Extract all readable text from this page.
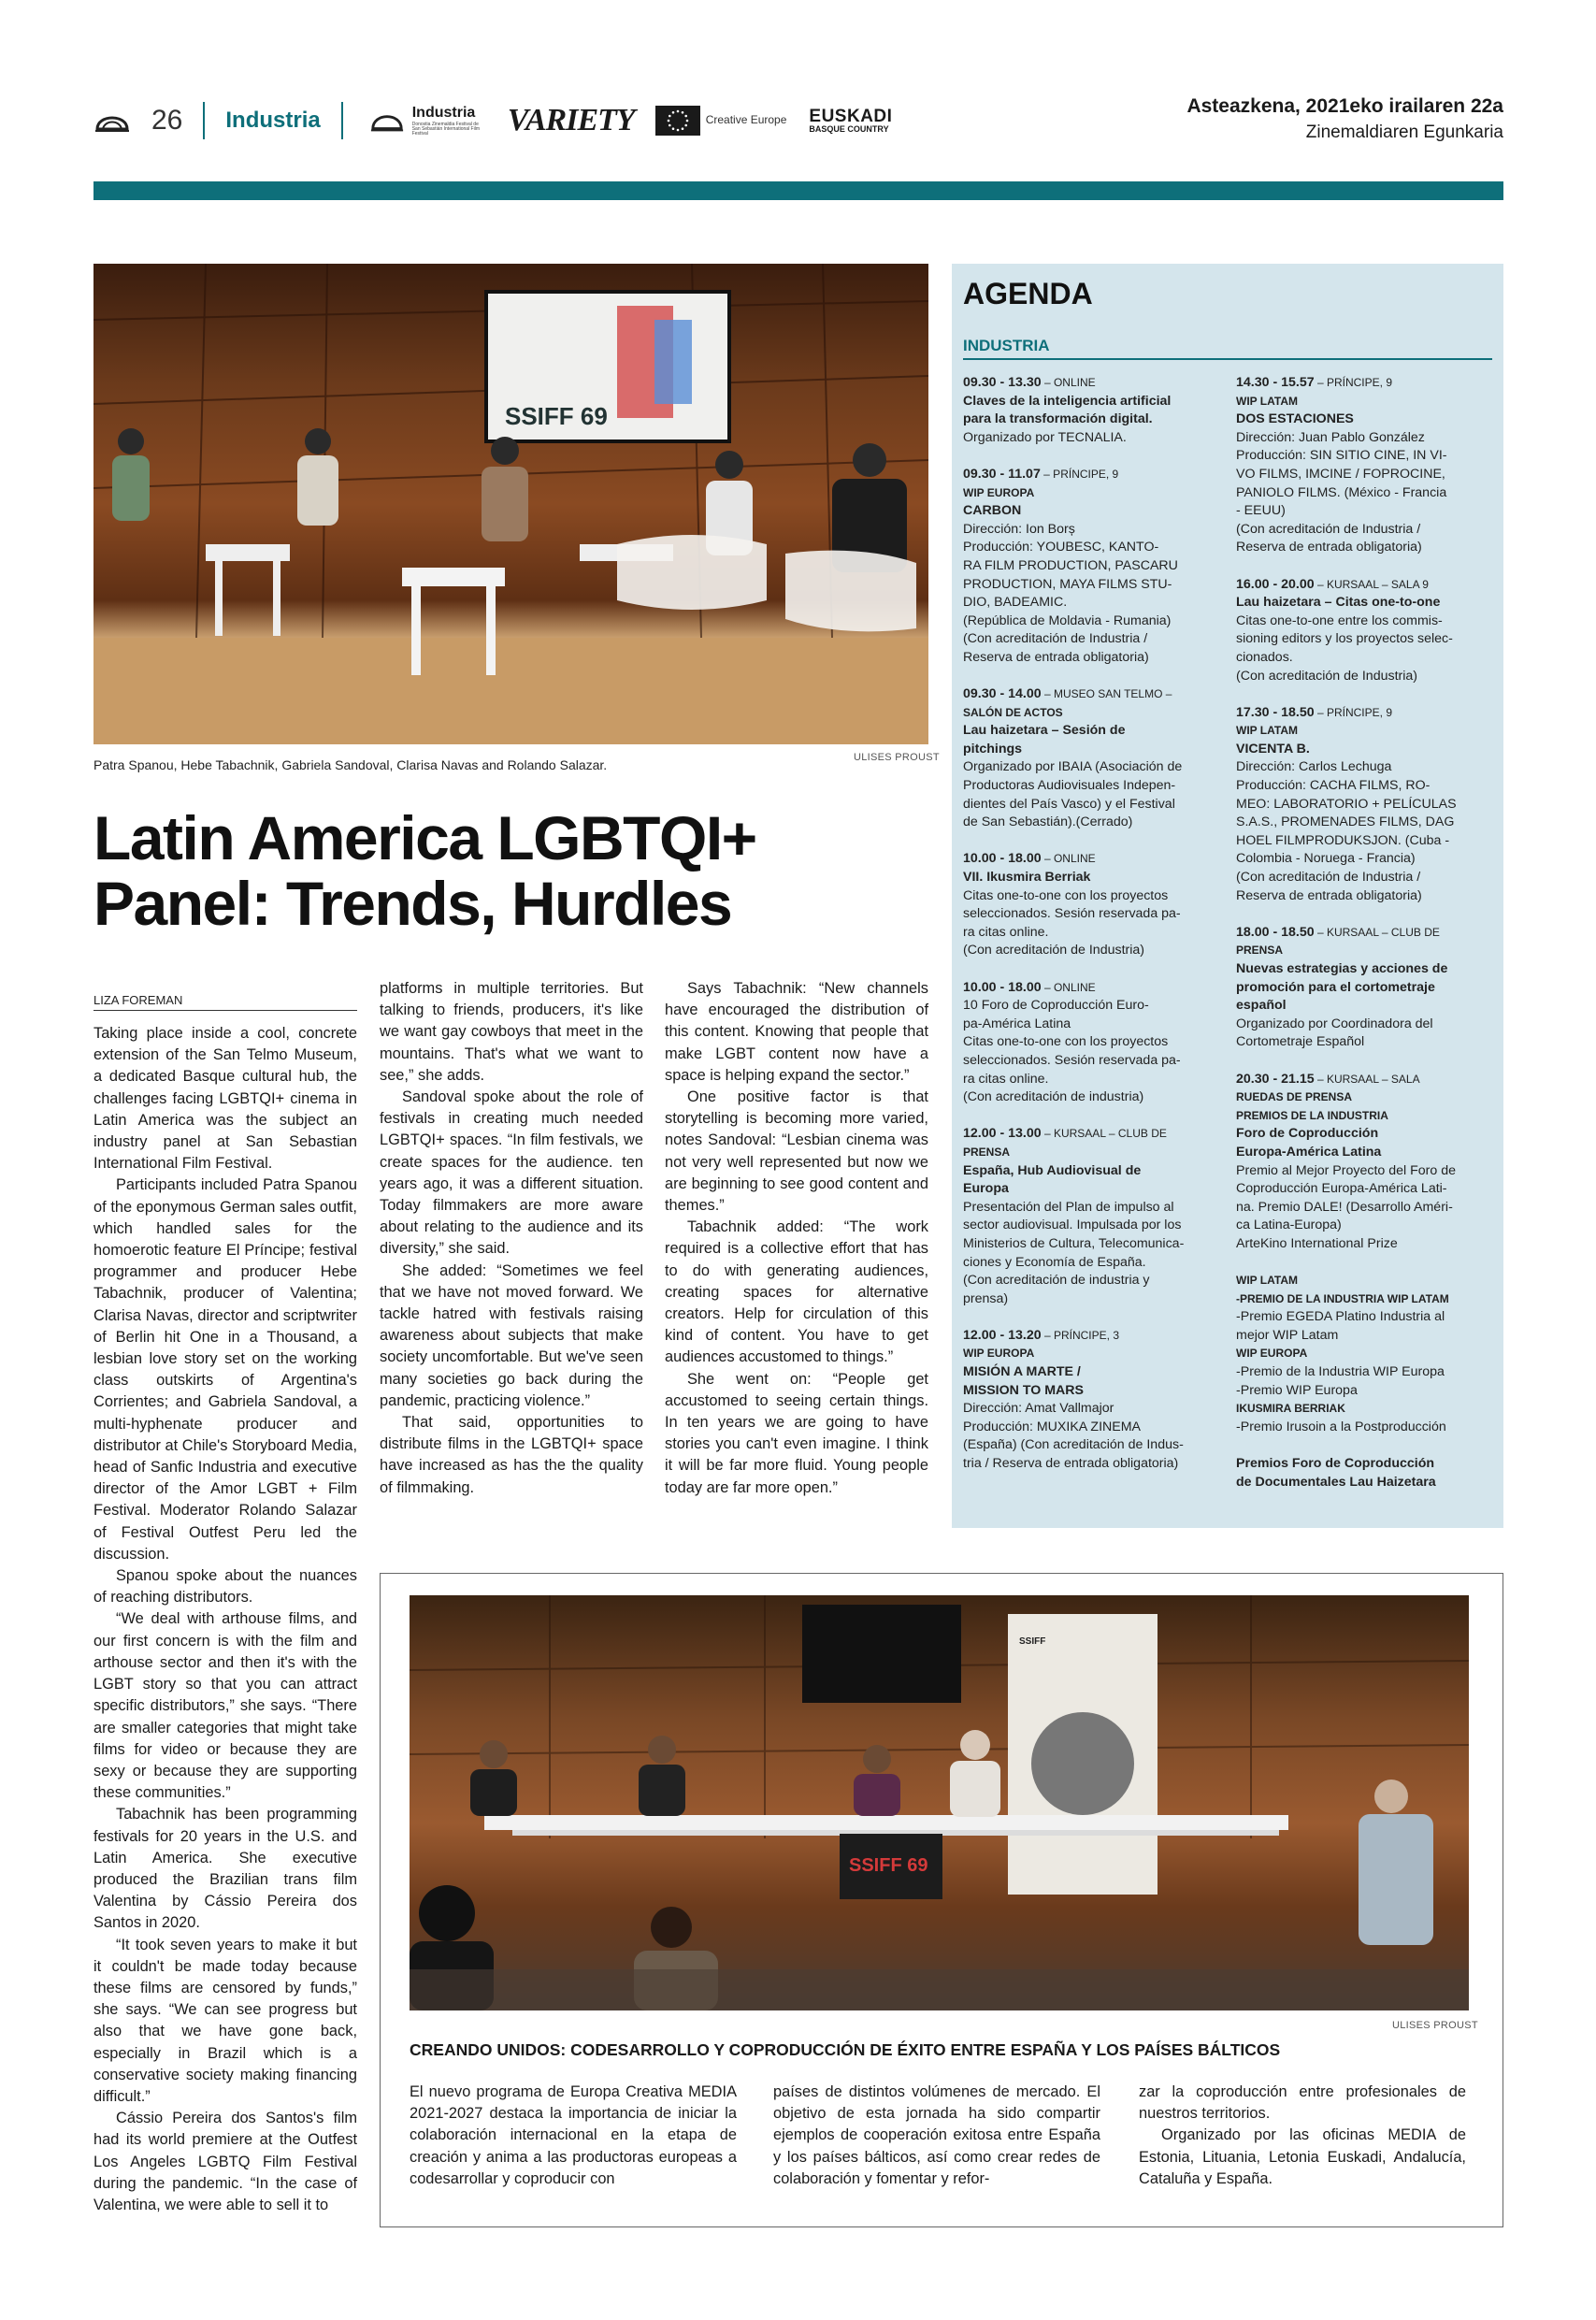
26 Industria	Industria
Donostia Zinemaldia Festival de San Sebastián International Film Festival	VARIETY	Creative Europe EUSKADI
BASQUE COUNTRY
Asteazkena, 2021eko irailaren 22a
Zinemaldiaren Egunkaria
SSIFF 69
ULISES PROUST
Patra Spanou, Hebe Tabachnik, Gabriela Sandoval, Clarisa Navas and Rolando Salazar.
Latin America LGBTQI+ Panel: Trends, Hurdles
LIZA FOREMAN

Taking place inside a cool, concrete extension of the San Telmo Museum, a dedicated Basque cultural hub, the challenges facing LGBTQI+ cinema in Latin America was the subject an industry panel at San Sebastian International Film Festival.

Participants included Patra Spanou of the eponymous German sales outfit, which handled sales for the homoerotic feature El Príncipe; festival programmer and producer Hebe Tabachnik, producer of Valentina; Clarisa Navas, director and scriptwriter of Berlin hit One in a Thousand, a lesbian love story set on the working class outskirts of Argentina's Corrientes; and Gabriela Sandoval, a multi-hyphenate producer and distributor at Chile's Storyboard Media, head of Sanfic Industria and executive director of the Amor LGBT + Film Festival. Moderator Rolando Salazar of Festival Outfest Peru led the discussion.

Spanou spoke about the nuances of reaching distributors.

“We deal with arthouse films, and our first concern is with the film and arthouse sector and then it's with the LGBT story so that you can attract specific distributors,” she says. “There are smaller categories that might take films for video or because they are sexy or because they are supporting these communities.”

Tabachnik has been programming festivals for 20 years in the U.S. and Latin America. She executive produced the Brazilian trans film Valentina by Cássio Pereira dos Santos in 2020.

“It took seven years to make it but it couldn't be made today because these films are censored by funds,” she says. “We can see progress but also that we have gone back, especially in Brazil which is a conservative society making financing difficult.”

Cássio Pereira dos Santos's film had its world premiere at the Outfest Los Angeles LGBTQ Film Festival during the pandemic. “In the case of Valentina, we were able to sell it to

platforms in multiple territories. But talking to friends, producers, it's like we want gay cowboys that meet in the mountains. That's what we want to see,” she adds.

Sandoval spoke about the role of festivals in creating much needed LGBTQI+ spaces. “In film festivals, we create spaces for the audience. ten years ago, it was a different situation. Today filmmakers are more aware about relating to the audience and its diversity,” she said.

She added: “Sometimes we feel that we have not moved forward. We tackle hatred with festivals raising awareness about subjects that make society uncomfortable. But we've seen many societies go back during the pandemic, practicing violence.”

That said, opportunities to distribute films in the LGBTQI+ space have increased as has the the quality of filmmaking.

Says Tabachnik: “New channels have encouraged the distribution of this content. Knowing that people that make LGBT content now have a space is helping expand the sector.”

One positive factor is that storytelling is becoming more varied, notes Sandoval: “Lesbian cinema was not very well represented but now we are beginning to see good content and themes.”

Tabachnik added: “The work required is a collective effort that has to do with generating audiences, creating spaces for alternative creators. Help for circulation of this kind of content. You have to get audiences accustomed to things.”

She went on: “People get accustomed to seeing certain things. In ten years we are going to have stories you can't even imagine. I think it will be far more fluid. Young people today are far more open.”

AGENDA
INDUSTRIA
09.30 - 13.30 – ONLINE
Claves de la inteligencia artificial
para la transformación digital.
Organizado por TECNALIA.
09.30 - 11.07 – PRÍNCIPE, 9
WIP EUROPA
CARBON
Dirección: Ion Borș
Producción: YOUBESC, KANTO-
RA FILM PRODUCTION, PASCARU
PRODUCTION, MAYA FILMS STU-
DIO, BADEAMIC.
(República de Moldavia - Rumania)
(Con acreditación de Industria /
Reserva de entrada obligatoria)
09.30 - 14.00 – MUSEO SAN TELMO –
SALÓN DE ACTOS
Lau haizetara – Sesión de
pitchings
Organizado por IBAIA (Asociación de
Productoras Audiovisuales Indepen-
dientes del País Vasco) y el Festival
de San Sebastián).(Cerrado)
10.00 - 18.00 – ONLINE
VII. Ikusmira Berriak
Citas one-to-one con los proyectos
seleccionados. Sesión reservada pa-
ra citas online.
(Con acreditación de Industria)
10.00 - 18.00 – ONLINE
10 Foro de Coproducción Euro-
pa-América Latina
Citas one-to-one con los proyectos
seleccionados. Sesión reservada pa-
ra citas online.
(Con acreditación de industria)
12.00 - 13.00 – KURSAAL – CLUB DE
PRENSA
España, Hub Audiovisual de
Europa
Presentación del Plan de impulso al
sector audiovisual. Impulsada por los
Ministerios de Cultura, Telecomunica-
ciones y Economía de España.
(Con acreditación de industria y
prensa)
12.00 - 13.20 – PRÍNCIPE, 3
WIP EUROPA
MISIÓN A MARTE /
MISSION TO MARS
Dirección: Amat Vallmajor
Producción: MUXIKA ZINEMA
(España) (Con acreditación de Indus-
tria / Reserva de entrada obligatoria)
14.30 - 15.57 – PRÍNCIPE, 9
WIP LATAM
DOS ESTACIONES
Dirección: Juan Pablo González
Producción: SIN SITIO CINE, IN VI-
VO FILMS, IMCINE / FOPROCINE,
PANIOLO FILMS. (México - Francia
- EEUU)
(Con acreditación de Industria /
Reserva de entrada obligatoria)
16.00 - 20.00 – KURSAAL – SALA 9
Lau haizetara – Citas one-to-one
Citas one-to-one entre los commis-
sioning editors y los proyectos selec-
cionados.
(Con acreditación de Industria)
17.30 - 18.50 – PRÍNCIPE, 9
WIP LATAM
VICENTA B.
Dirección: Carlos Lechuga
Producción: CACHA FILMS, RO-
MEO: LABORATORIO + PELÍCULAS
S.A.S., PROMENADES FILMS, DAG
HOEL FILMPRODUKSJON. (Cuba -
Colombia - Noruega - Francia)
(Con acreditación de Industria /
Reserva de entrada obligatoria)
18.00 - 18.50 – KURSAAL – CLUB DE
PRENSA
Nuevas estrategias y acciones de
promoción para el cortometraje
español
Organizado por Coordinadora del
Cortometraje Español
20.30 - 21.15 – KURSAAL – SALA
RUEDAS DE PRENSA
PREMIOS DE LA INDUSTRIA
Foro de Coproducción
Europa-América Latina
Premio al Mejor Proyecto del Foro de
Coproducción Europa-América Lati-
na. Premio DALE! (Desarrollo Améri-
ca Latina-Europa)
ArteKino International Prize
WIP LATAM
-PREMIO DE LA INDUSTRIA WIP LATAM
-Premio EGEDA Platino Industria al
mejor WIP Latam
WIP EUROPA
-Premio de la Industria WIP Europa
-Premio WIP Europa
IKUSMIRA BERRIAK
-Premio Irusoin a la Postproducción
Premios Foro de Coproducción
de Documentales Lau Haizetara
SSIFF
SSIFF 69
ULISES PROUST
CREANDO UNIDOS: CODESARROLLO Y COPRODUCCIÓN DE ÉXITO ENTRE ESPAÑA Y LOS PAÍSES BÁLTICOS

El nuevo programa de Europa Creativa MEDIA 2021-2027 destaca la importancia de iniciar la colaboración internacional en la etapa de creación y anima a las productoras europeas a codesarrollar y coproducir con

países de distintos volúmenes de mercado. El objetivo de esta jornada ha sido compartir ejemplos de cooperación exitosa entre España y los países bálticos, así como crear redes de colaboración y fomentar y refor-

zar la coproducción entre profesionales de nuestros territorios.

Organizado por las oficinas MEDIA de Estonia, Lituania, Letonia Euskadi, Andalucía, Cataluña y España.
